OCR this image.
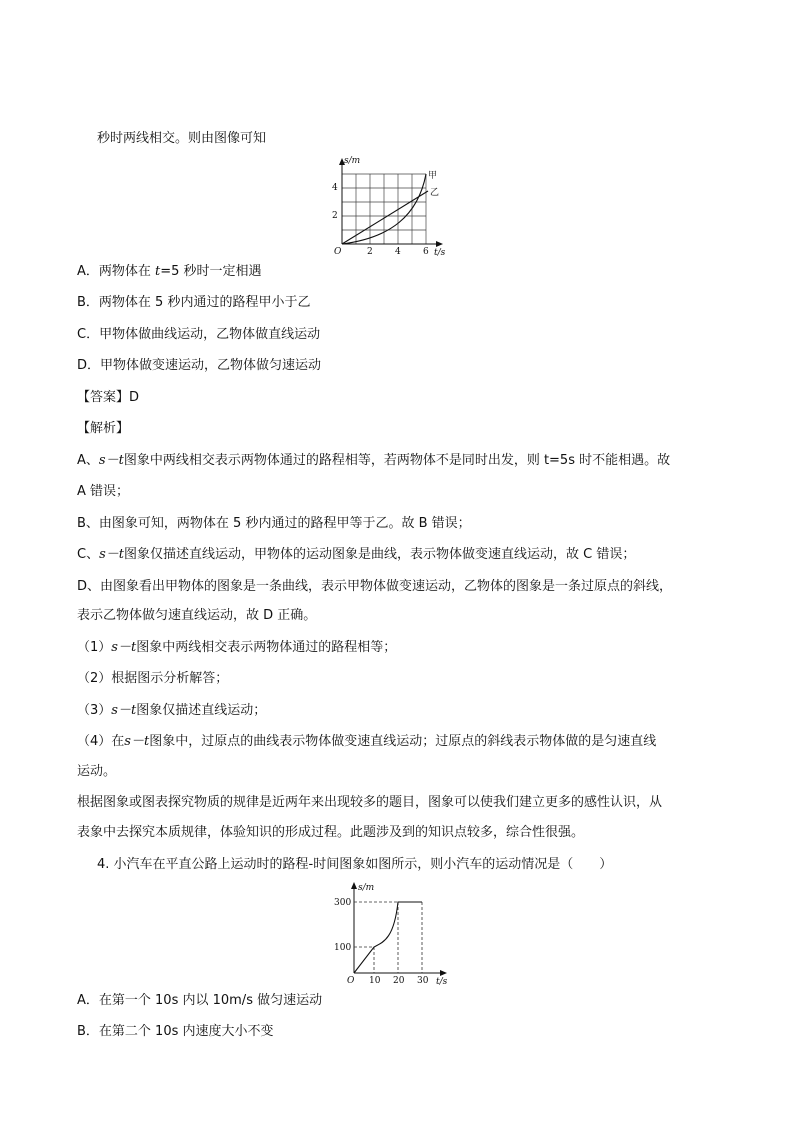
秒时两线相交。则由图像可知
s/m
4
2
O	2 4 6 t/s
甲
乙
A．两物体在 t=5 秒时一定相遇
B．两物体在 5 秒内通过的路程甲小于乙
C．甲物体做曲线运动，乙物体做直线运动
D．甲物体做变速运动，乙物体做匀速运动
【答案】D
【解析】
A、s－t图象中两线相交表示两物体通过的路程相等，若两物体不是同时出发，则 t=5s 时不能相遇。故
A 错误；
B、由图象可知，两物体在 5 秒内通过的路程甲等于乙。故 B 错误；
C、s－t图象仅描述直线运动，甲物体的运动图象是曲线，表示物体做变速直线运动，故 C 错误；
D、由图象看出甲物体的图象是一条曲线，表示甲物体做变速运动，乙物体的图象是一条过原点的斜线，
表示乙物体做匀速直线运动，故 D 正确。
（1）s－t图象中两线相交表示两物体通过的路程相等；
（2）根据图示分析解答；
（3）s－t图象仅描述直线运动；
（4）在s－t图象中，过原点的曲线表示物体做变速直线运动；过原点的斜线表示物体做的是匀速直线
运动。
根据图象或图表探究物质的规律是近两年来出现较多的题目，图象可以使我们建立更多的感性认识，从
表象中去探究本质规律，体验知识的形成过程。此题涉及到的知识点较多，综合性很强。
4. 小汽车在平直公路上运动时的路程-时间图象如图所示，则小汽车的运动情况是（　　）
s/m
300
100
O 10 20 30 t/s
A．在第一个 10s 内以 10m/s 做匀速运动
B．在第二个 10s 内速度大小不变
